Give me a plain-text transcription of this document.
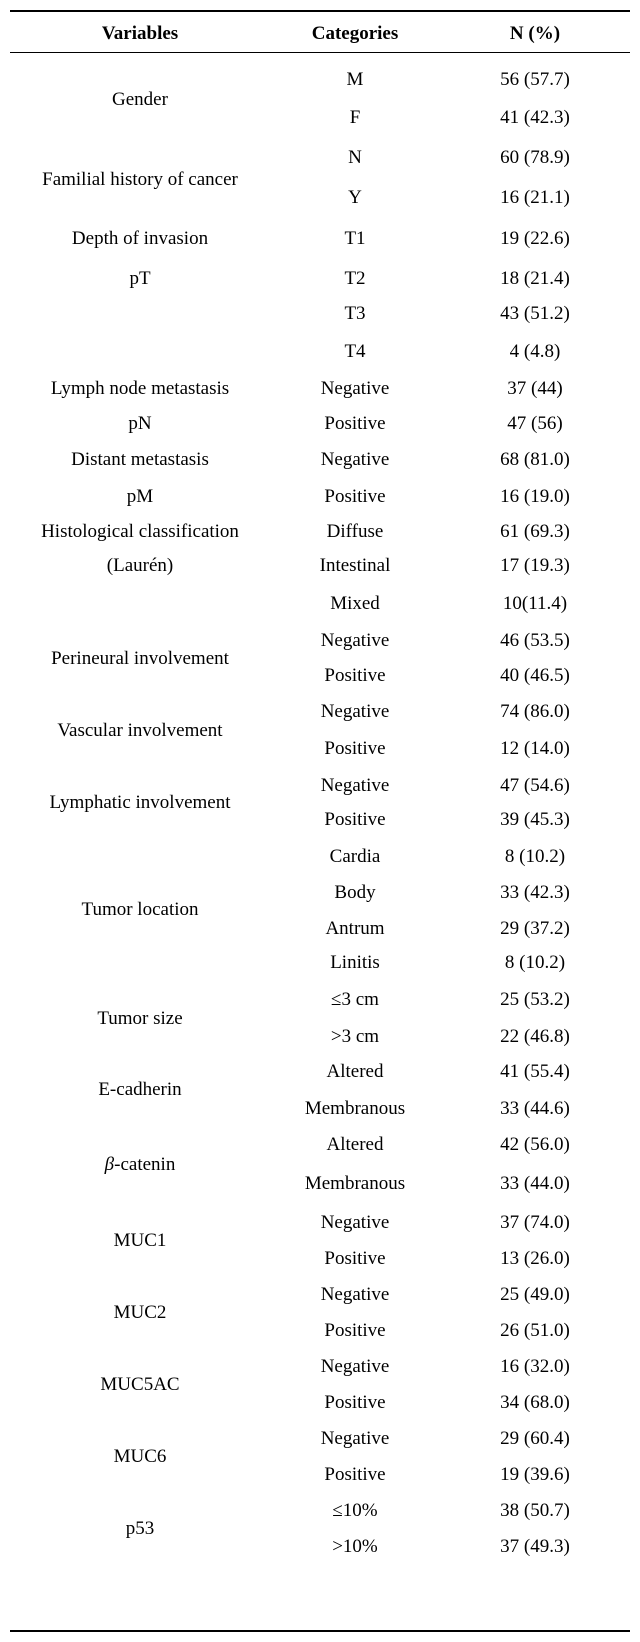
Variables	Categories	N (%)
Gender
M	56 (57.7)
F	41 (42.3)
Familial history of cancer
N	60 (78.9)
Y	16 (21.1)
Depth of invasion
pT
T1	19 (22.6)
T2	18 (21.4)
T3	43 (51.2)
T4	4 (4.8)
Lymph node metastasis
pN
Negative	37 (44)
Positive	47 (56)
Distant metastasis
pM
Negative	68 (81.0)
Positive	16 (19.0)
Histological classification
(Laurén)
Diffuse	61 (69.3)
Intestinal	17 (19.3)
Mixed	10(11.4)
Perineural involvement
Negative	46 (53.5)
Positive	40 (46.5)
Vascular involvement
Negative	74 (86.0)
Positive	12 (14.0)
Lymphatic involvement
Negative	47 (54.6)
Positive	39 (45.3)
Tumor location
Cardia	8 (10.2)
Body	33 (42.3)
Antrum	29 (37.2)
Linitis	8 (10.2)
Tumor size
≤3 cm	25 (53.2)
>3 cm	22 (46.8)
E-cadherin
Altered	41 (55.4)
Membranous	33 (44.6)
β-catenin
Altered	42 (56.0)
Membranous	33 (44.0)
MUC1
Negative	37 (74.0)
Positive	13 (26.0)
MUC2
Negative	25 (49.0)
Positive	26 (51.0)
MUC5AC
Negative	16 (32.0)
Positive	34 (68.0)
MUC6
Negative	29 (60.4)
Positive	19 (39.6)
p53
≤10%	38 (50.7)
>10%	37 (49.3)
